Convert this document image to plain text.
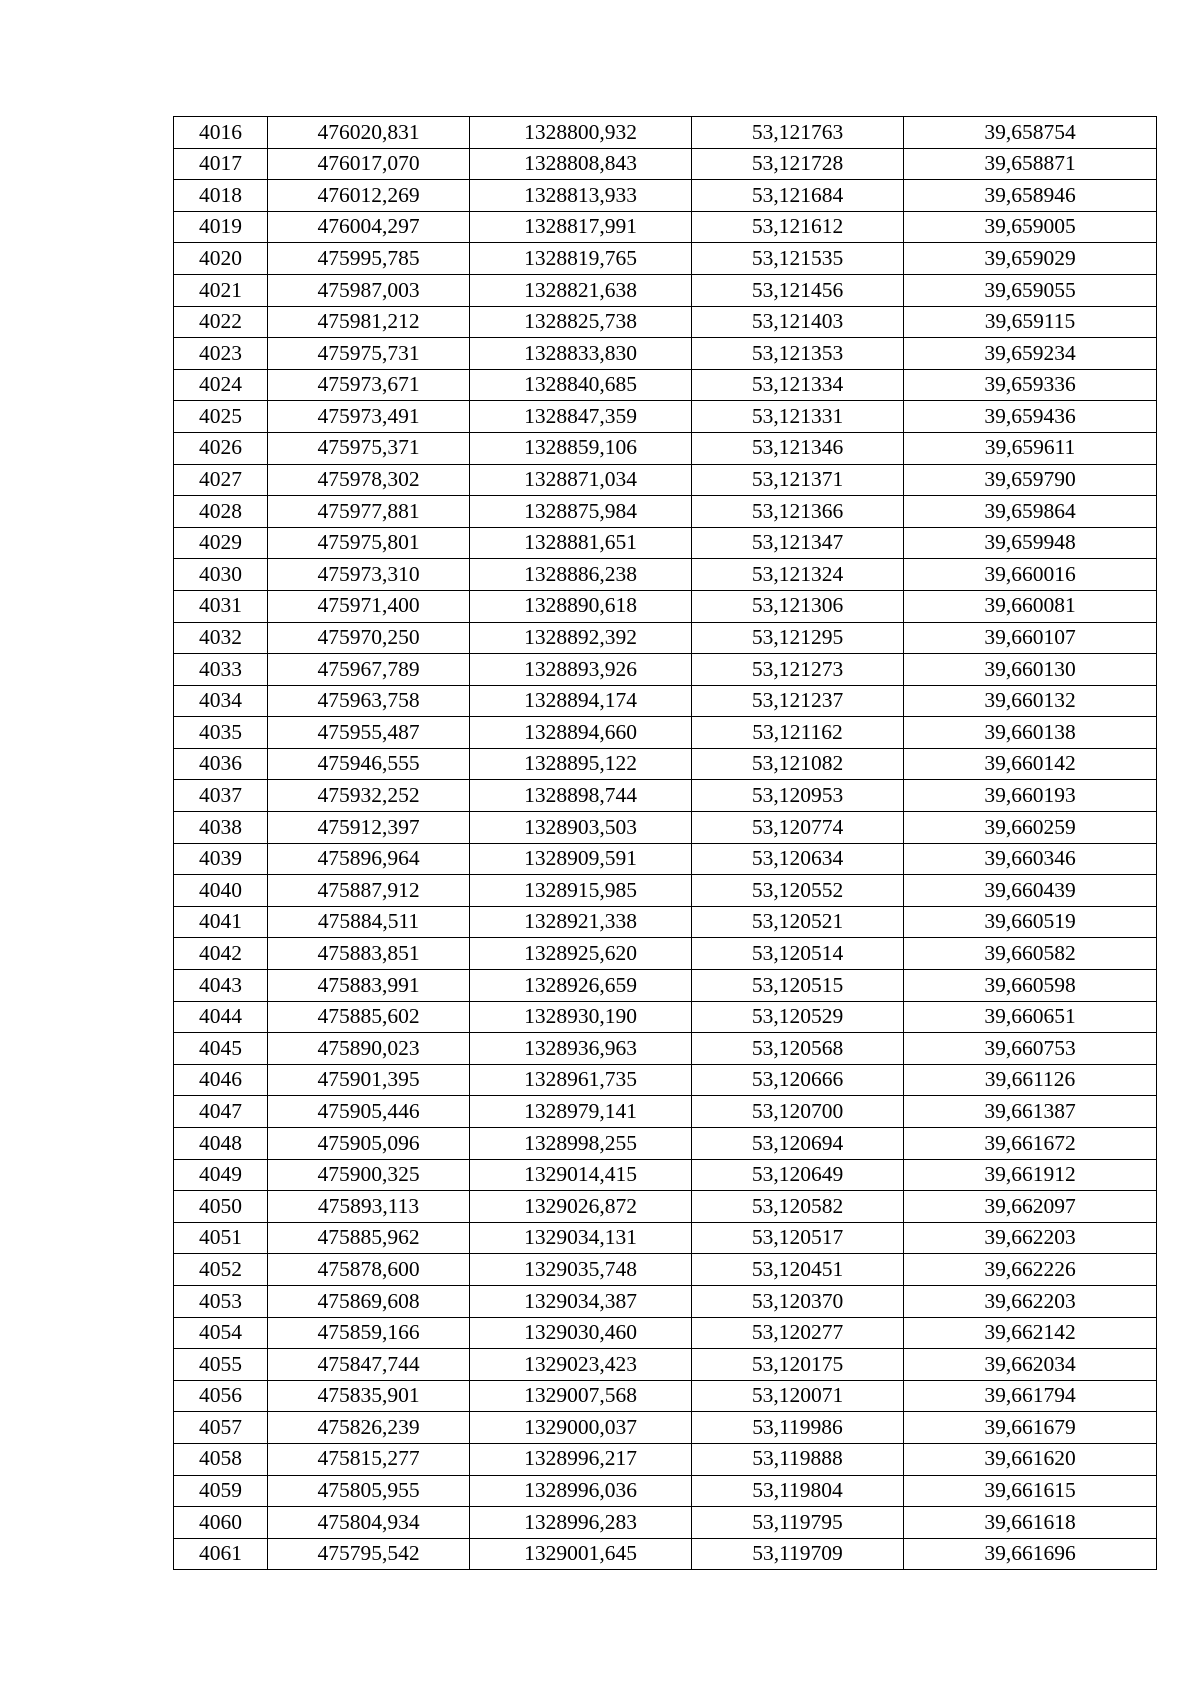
4016	476020,831	1328800,932	53,121763	39,658754
4017	476017,070	1328808,843	53,121728	39,658871
4018	476012,269	1328813,933	53,121684	39,658946
4019	476004,297	1328817,991	53,121612	39,659005
4020	475995,785	1328819,765	53,121535	39,659029
4021	475987,003	1328821,638	53,121456	39,659055
4022	475981,212	1328825,738	53,121403	39,659115
4023	475975,731	1328833,830	53,121353	39,659234
4024	475973,671	1328840,685	53,121334	39,659336
4025	475973,491	1328847,359	53,121331	39,659436
4026	475975,371	1328859,106	53,121346	39,659611
4027	475978,302	1328871,034	53,121371	39,659790
4028	475977,881	1328875,984	53,121366	39,659864
4029	475975,801	1328881,651	53,121347	39,659948
4030	475973,310	1328886,238	53,121324	39,660016
4031	475971,400	1328890,618	53,121306	39,660081
4032	475970,250	1328892,392	53,121295	39,660107
4033	475967,789	1328893,926	53,121273	39,660130
4034	475963,758	1328894,174	53,121237	39,660132
4035	475955,487	1328894,660	53,121162	39,660138
4036	475946,555	1328895,122	53,121082	39,660142
4037	475932,252	1328898,744	53,120953	39,660193
4038	475912,397	1328903,503	53,120774	39,660259
4039	475896,964	1328909,591	53,120634	39,660346
4040	475887,912	1328915,985	53,120552	39,660439
4041	475884,511	1328921,338	53,120521	39,660519
4042	475883,851	1328925,620	53,120514	39,660582
4043	475883,991	1328926,659	53,120515	39,660598
4044	475885,602	1328930,190	53,120529	39,660651
4045	475890,023	1328936,963	53,120568	39,660753
4046	475901,395	1328961,735	53,120666	39,661126
4047	475905,446	1328979,141	53,120700	39,661387
4048	475905,096	1328998,255	53,120694	39,661672
4049	475900,325	1329014,415	53,120649	39,661912
4050	475893,113	1329026,872	53,120582	39,662097
4051	475885,962	1329034,131	53,120517	39,662203
4052	475878,600	1329035,748	53,120451	39,662226
4053	475869,608	1329034,387	53,120370	39,662203
4054	475859,166	1329030,460	53,120277	39,662142
4055	475847,744	1329023,423	53,120175	39,662034
4056	475835,901	1329007,568	53,120071	39,661794
4057	475826,239	1329000,037	53,119986	39,661679
4058	475815,277	1328996,217	53,119888	39,661620
4059	475805,955	1328996,036	53,119804	39,661615
4060	475804,934	1328996,283	53,119795	39,661618
4061	475795,542	1329001,645	53,119709	39,661696
